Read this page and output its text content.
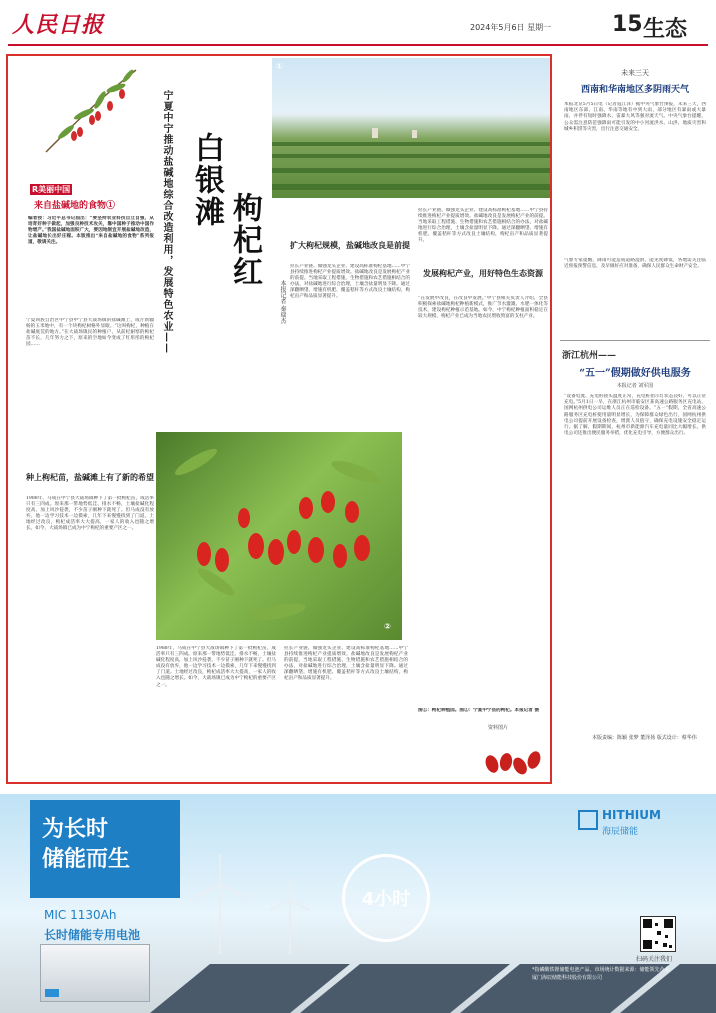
人民日报	2024年5月6日 星期一	15 生态
R美丽中国
来自盐碱地的食物①
编者按：习近平总书记指出：“要坚持农业科技自立自强，从培育好种子做起，加强良种技术攻关，靠中国种子推动中国作物增产。”我国盐碱地面积广大，要因地制宜开展盐碱地改造，让盐碱地长出好庄稼。本版推出“来自盐碱地的食物”系列报道，敬请关注。
宁夏回族自治区中宁县中宁县大战场镇的盐碱滩上，成片新疆杨的玉米地中，有一个块枸杞树格外显眼。“这叫枸杞，种植在盐碱底荒的地方。”在大战场镇民的种植户，从前杞耐寒的枸杞苗不长，几年努力之下，原来的空地如今变成了红彤彤的枸杞园……
种上枸杞苗，盐碱滩上有了新的希望
1988年，马成在中宁县大战场镇种下了第一批枸杞苗，成活率只有三四成。原来那一带地势低洼、排水不畅，土壤盐碱化程度高，加上风沙侵袭，不少苗子刚种下就死了。但马成没有放弃，他一边学习技术一边摸索，几年下来慢慢找到了门道。土地经过改良，枸杞成活率大大提高，一家人的收入也随之增长。如今，大战场镇已成为中宁枸杞的重要产区之一。
宁夏中宁推动盐碱地综合改造利用，发展特色农业—— 白银滩
枸杞红
本报记者 秦瑞杰
①
②
扩大枸杞规模，盐碱地改良是前提
拉长产业链、做强龙头企业、建设高标准枸杞基地……中宁县持续推进枸杞产业提质增效。盐碱地改良是发展枸杞产业的前提。当地采取工程措施、生物措施和农艺措施相结合的办法，对盐碱地进行综合治理，土壤含盐量明显下降。通过深翻晒垡、增施有机肥、覆盖秸秆等方式改良土壤结构，枸杞亩产和品质显著提升。
拉长产业链、做强龙头企业、建设高标准枸杞基地……中宁县持续推进枸杞产业提质增效。盐碱地改良是发展枸杞产业的前提。当地采取工程措施、生物措施和农艺措施相结合的办法，对盐碱地进行综合治理，土壤含盐量明显下降。通过深翻晒垡、增施有机肥、覆盖秸秆等方式改良土壤结构，枸杞亩产和品质显著提升。
发展枸杞产业，用好特色生态资源
“在发展中改良，在改良中发展。”中宁县相关负责人介绍，全县积极探索盐碱地枸杞种植新模式，推广节水灌溉、水肥一体化等技术，建设枸杞种植示范基地。如今，中宁枸杞种植面积稳定在较大规模，枸杞产业已成为当地农民增收致富的支柱产业。
1988年，马成在中宁县大战场镇种下了第一批枸杞苗，成活率只有三四成。原来那一带地势低洼、排水不畅，土壤盐碱化程度高，加上风沙侵袭，不少苗子刚种下就死了。但马成没有放弃，他一边学习技术一边摸索，几年下来慢慢找到了门道。土地经过改良，枸杞成活率大大提高，一家人的收入也随之增长。如今，大战场镇已成为中宁枸杞的重要产区之一。
拉长产业链、做强龙头企业、建设高标准枸杞基地……中宁县持续推进枸杞产业提质增效。盐碱地改良是发展枸杞产业的前提。当地采取工程措施、生物措施和农艺措施相结合的办法，对盐碱地进行综合治理，土壤含盐量明显下降。通过深翻晒垡、增施有机肥、覆盖秸秆等方式改良土壤结构，枸杞亩产和品质显著提升。
图①：枸杞种植园。图②：宁夏中宁县的枸杞。本报记者 摄
资料图片
未来三天
西南和华南地区多阴雨天气
本报北京5月5日电（记者寇江泽）据中央气象台预报，未来三天，西南地区东部、江南、华南等地有中到大雨，部分地区有暴雨或大暴雨，并伴有短时强降水、雷暴大风等强对流天气。中央气象台提醒，公众需注意防范强降雨可能引发的中小河流洪水、山洪、地质灾害和城乡积涝等灾害，出行注意交通安全。
气象专家提醒，降雨可能造成道路湿滑、能见度降低，各地需关注临近预报预警信息，及早做好应对准备，确保人民群众生命财产安全。
浙江杭州——
“五一”假期做好供电服务
本报记者 刘军国
“设备电流、充电桩接头温度正常，充电桩指示灯状态良好，可以正常充电。”5月1日一早，在浙江杭州市临安区某高速公路服务区充电站，国网杭州供电公司运维人员正在巡检设备。“五一”假期，全省高速公路服务区充电桩使用量明显增长，为保障群众绿色出行，国网杭州供电公司提前开展设备检查，增派人员值守，确保充电设施安全稳定运行。据了解，假期期间，杭州市新能源汽车充电量同比大幅增长。供电公司还推出便民服务举措，优化充电引导，方便群众出行。
本版责编：陈颖 张梦 董泽扬 版式设计：蔡华伟
为长时
储能而生
MIC 1130Ah
长时储能专用电池
4小时
HITHIUM
海辰储能
扫码关注我们
*指磷酸铁锂储能电池产品，市场统计数据来源：储能领先企业
厦门海辰储能科技股份有限公司
